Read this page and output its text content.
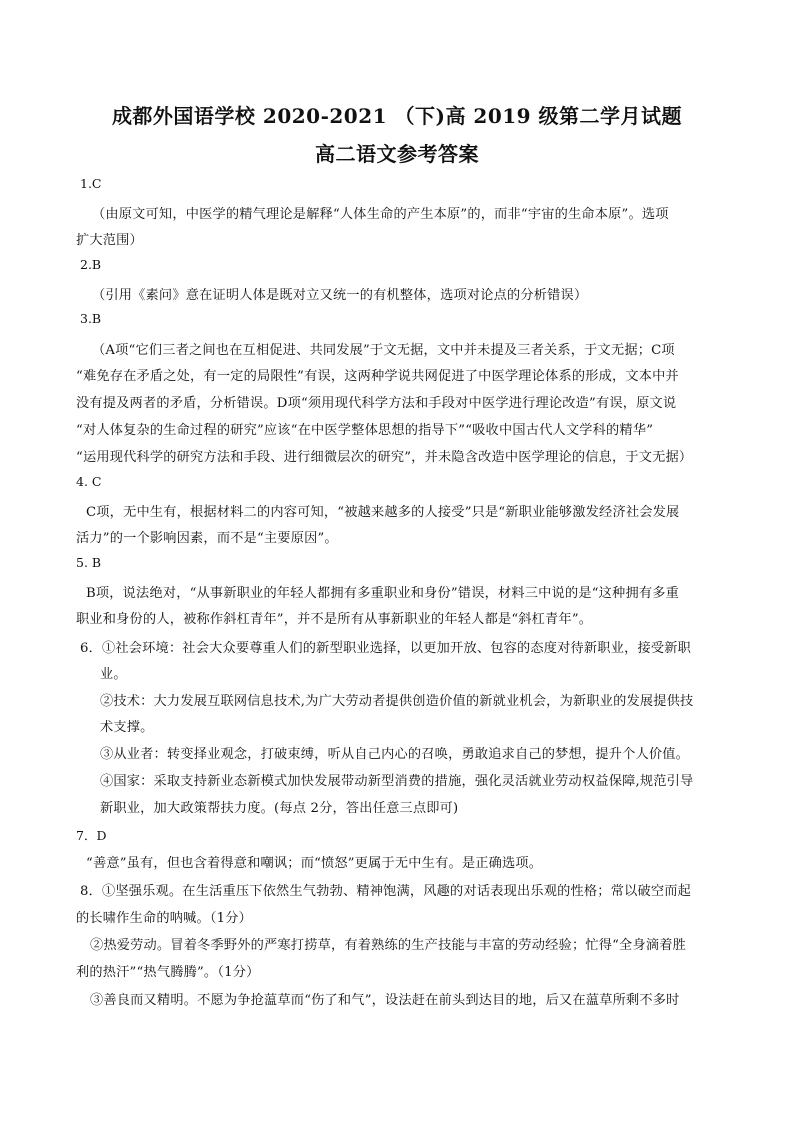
成都外国语学校 2020-2021 （下)高 2019 级第二学月试题
高二语文参考答案
1.C
（由原文可知，中医学的精气理论是解释“人体生命的产生本原”的，而非“宇宙的生命本原”。选项
扩大范围）
2.B
（引用《素问》意在证明人体是既对立又统一的有机整体，选项对论点的分析错误）
3.B
（A项“它们三者之间也在互相促进、共同发展”于文无据，文中并未提及三者关系，于文无据；C项
“难免存在矛盾之处，有一定的局限性”有误，这两种学说共网促进了中医学理论体系的形成，文本中并
没有提及两者的矛盾，分析错误。D项“须用现代科学方法和手段对中医学进行理论改造”有误，原文说
“对人体复杂的生命过程的研究”应该“在中医学整体思想的指导下”“吸收中国古代人文学科的精华”
“运用现代科学的研究方法和手段、进行细微层次的研究”，并未隐含改造中医学理论的信息，于文无据）
4. C
C项，无中生有，根据材料二的内容可知，“被越来越多的人接受”只是“新职业能够激发经济社会发展
活力”的一个影响因素，而不是“主要原因”。
5. B
B项，说法绝对，“从事新职业的年轻人都拥有多重职业和身份”错误，材料三中说的是“这种拥有多重
职业和身份的人，被称作斜杠青年”，并不是所有从事新职业的年轻人都是“斜杠青年”。
6．①社会环境：社会大众要尊重人们的新型职业选择，以更加开放、包容的态度对待新职业，接受新职
业。
②技术：大力发展互联网信息技术,为广大劳动者提供创造价值的新就业机会，为新职业的发展提供技
术支撑。
③从业者：转变择业观念，打破束缚，听从自己内心的召唤，勇敢追求自己的梦想，提升个人价值。
④国家：采取支持新业态新模式加快发展带动新型消费的措施，强化灵活就业劳动权益保障,规范引导
新职业，加大政策帮扶力度。(每点 2分，答出任意三点即可)
7．D
“善意”虽有，但也含着得意和嘲讽；而“愤怒”更属于无中生有。是正确选项。
8．①坚强乐观。在生活重压下依然生气勃勃、精神饱满，风趣的对话表现出乐观的性格；常以破空而起
的长啸作生命的呐喊。（1分）
②热爱劳动。冒着冬季野外的严寒打捞草，有着熟练的生产技能与丰富的劳动经验；忙得“全身滴着胜
利的热汗”“热气腾腾”。（1分）
③善良而又精明。不愿为争抢蕰草而“伤了和气”，设法赶在前头到达目的地，后又在蕰草所剩不多时
